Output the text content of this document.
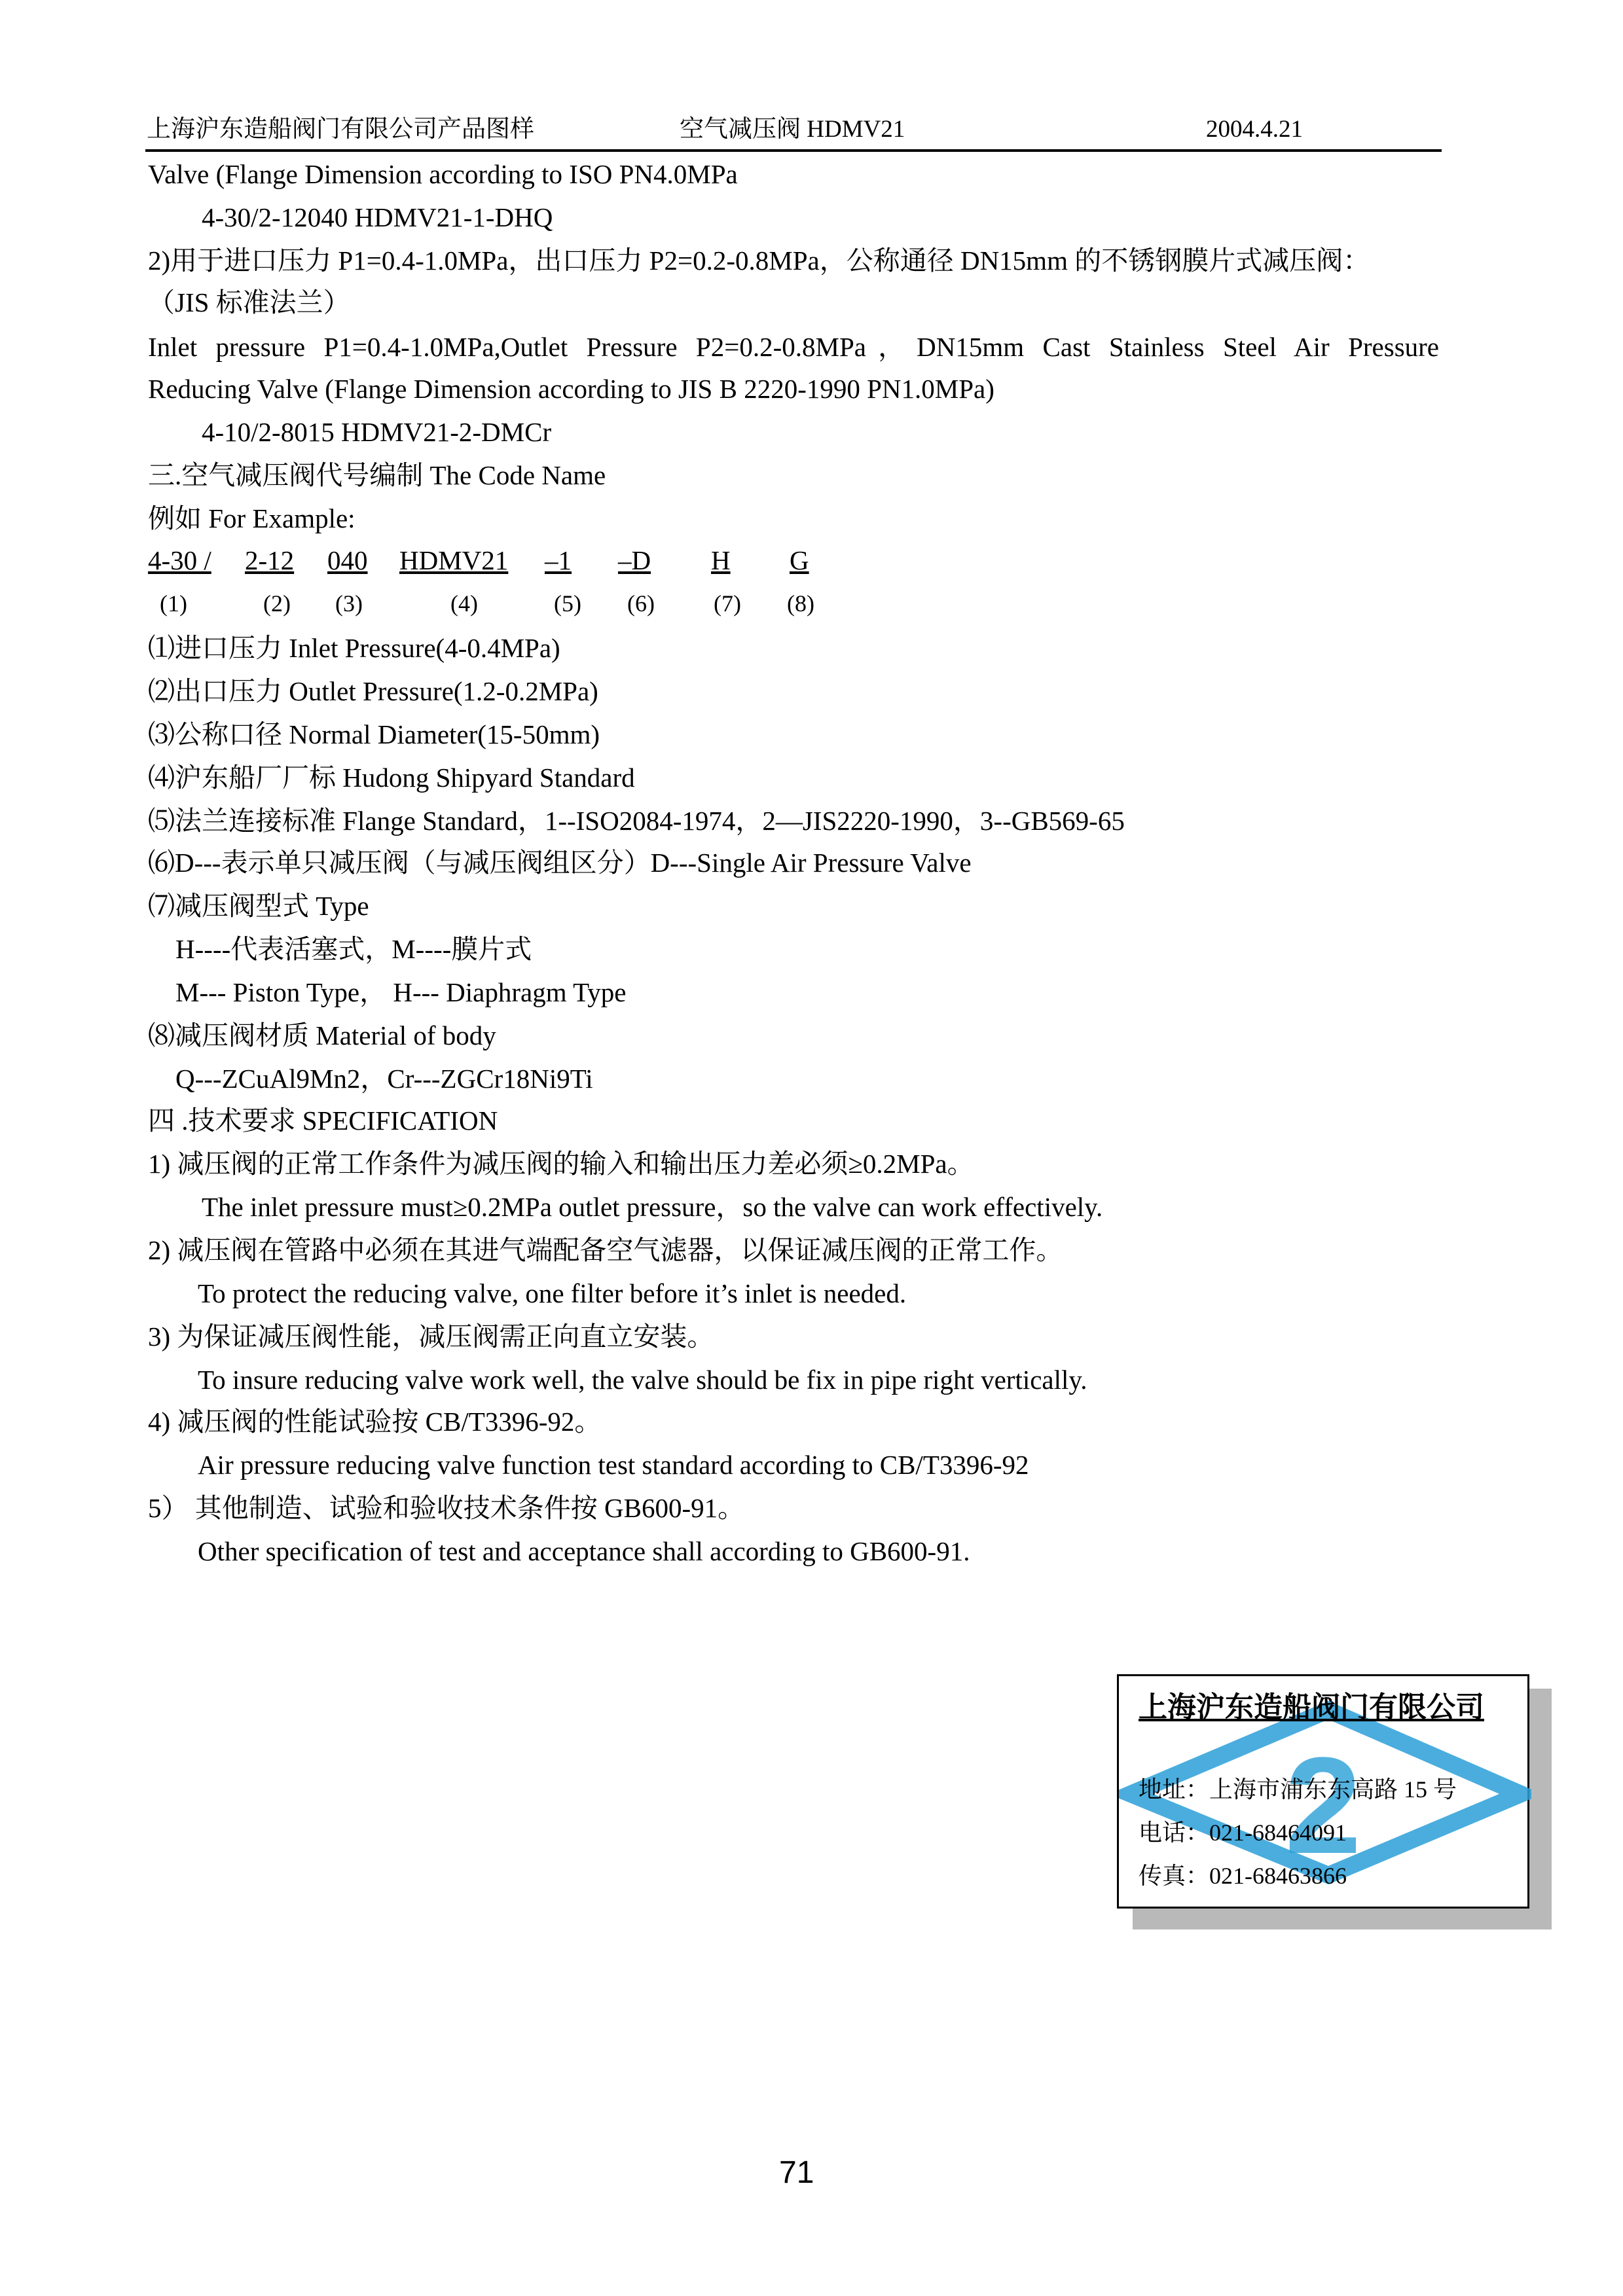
上海沪东造船阀门有限公司产品图样	空气减压阀 HDMV21	2004.4.21
Valve (Flange Dimension according to ISO PN4.0MPa
4-30/2-12040 HDMV21-1-DHQ
2)用于进口压力 P1=0.4-1.0MPa，出口压力 P2=0.2-0.8MPa，公称通径 DN15mm 的不锈钢膜片式减压阀：
（JIS 标准法兰）
Inlet pressure P1=0.4-1.0MPa,Outlet Pressure P2=0.2-0.8MPa，DN15mm Cast Stainless Steel Air Pressure
Reducing Valve (Flange Dimension according to JIS B 2220-1990 PN1.0MPa)
4-10/2-8015 HDMV21-2-DMCr
三.空气减压阀代号编制 The Code Name
例如 For Example:
4-30 / 2-12 040 HDMV21 –1 –D H G
(1)	(2) (3)	(4)	(5) (6)	(7) (8)
⑴进口压力 Inlet Pressure(4-0.4MPa)
⑵出口压力 Outlet Pressure(1.2-0.2MPa)
⑶公称口径 Normal Diameter(15-50mm)
⑷沪东船厂厂标 Hudong Shipyard Standard
⑸法兰连接标准 Flange Standard，1--ISO2084-1974，2—JIS2220-1990，3--GB569-65
⑹D---表示单只减压阀（与减压阀组区分）D---Single Air Pressure Valve
⑺减压阀型式 Type
H----代表活塞式，M----膜片式
M--- Piston Type， H--- Diaphragm Type
⑻减压阀材质 Material of body
Q---ZCuAl9Mn2，Cr---ZGCr18Ni9Ti
四 .技术要求 SPECIFICATION
1) 减压阀的正常工作条件为减压阀的输入和输出压力差必须≥0.2MPa。
The inlet pressure must≥0.2MPa outlet pressure，so the valve can work effectively.
2) 减压阀在管路中必须在其进气端配备空气滤器，以保证减压阀的正常工作。
To protect the reducing valve, one filter before it’s inlet is needed.
3) 为保证减压阀性能，减压阀需正向直立安装。
To insure reducing valve work well, the valve should be fix in pipe right vertically.
4) 减压阀的性能试验按 CB/T3396-92。
Air pressure reducing valve function test standard according to CB/T3396-92
5） 其他制造、试验和验收技术条件按 GB600-91。
Other specification of test and acceptance shall according to GB600-91.
2
上海沪东造船阀门有限公司
地址：上海市浦东东高路 15 号
电话：021-68464091
传真：021-68463866
71
